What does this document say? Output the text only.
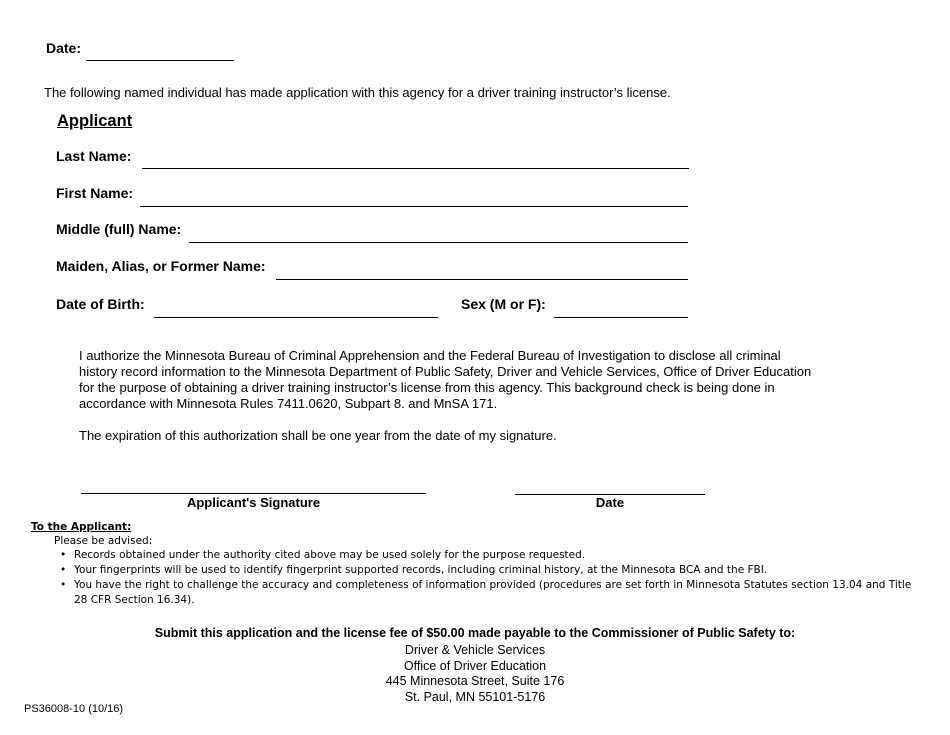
Date:
The following named individual has made application with this agency for a driver training instructor’s license.
Applicant
Last Name:
First Name:
Middle (full) Name:
Maiden, Alias, or Former Name:
Date of Birth:	Sex (M or F):
I authorize the Minnesota Bureau of Criminal Apprehension and the Federal Bureau of Investigation to disclose all criminal
history record information to the Minnesota Department of Public Safety, Driver and Vehicle Services, Office of Driver Education
for the purpose of obtaining a driver training instructor’s license from this agency. This background check is being done in
accordance with Minnesota Rules 7411.0620, Subpart 8. and MnSA 171.
The expiration of this authorization shall be one year from the date of my signature.
Applicant's Signature	Date
To the Applicant:
Please be advised:
• Records obtained under the authority cited above may be used solely for the purpose requested.
• Your fingerprints will be used to identify fingerprint supported records, including criminal history, at the Minnesota BCA and the FBI.
• You have the right to challenge the accuracy and completeness of information provided (procedures are set forth in Minnesota Statutes section 13.04 and Title 28 CFR Section 16.34).
Submit this application and the license fee of $50.00 made payable to the Commissioner of Public Safety to:
Driver & Vehicle Services
Office of Driver Education
445 Minnesota Street, Suite 176
St. Paul, MN 55101-5176
PS36008-10 (10/16)
